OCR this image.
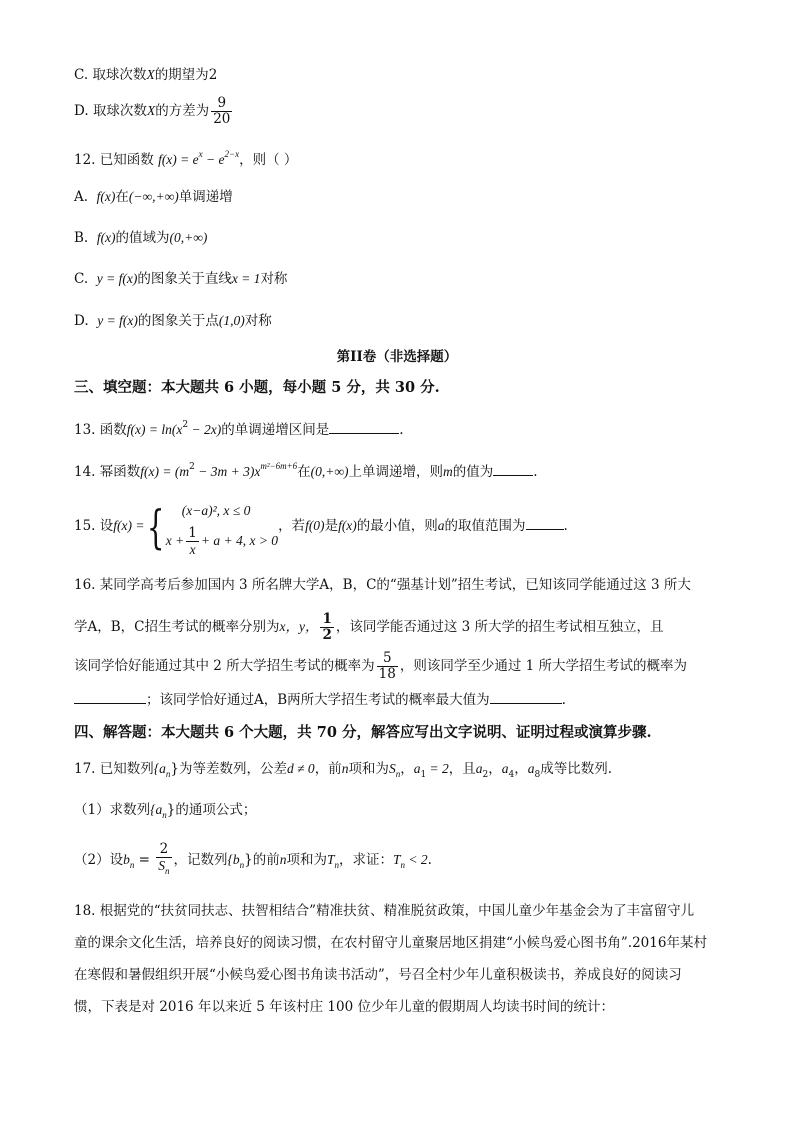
C. 取球次数X的期望为2
D. 取球次数X的方差为 $\frac{9}{20}$
12. 已知函数 $f(x) = e^x - e^{2-x}$，则（ ）
A. f(x)在(−∞,+∞)单调递增
B. f(x)的值域为(0,+∞)
C. y = f(x)的图象关于直线x = 1对称
D. y = f(x)的图象关于点(1,0)对称
第II卷（非选择题）
三、填空题：本大题共 6 小题，每小题 5 分，共 30 分.
13. 函数$f(x) = \ln(x^2 - 2x)$的单调递增区间是	.
14. 幂函数$f(x) = (m^2 - 3m + 3)x^{m^2-6m+6}$在(0,+∞)上单调递增，则m的值为	.
15. 设f(x) ={	(x−a)², x ≤ 0
$x + \frac{1}{x} + a + 4$, x > 0
，若f(0)是f(x)的最小值，则a的取值范围为	.
16. 某同学高考后参加国内 3 所名牌大学A，B，C的“强基计划”招生考试，已知该同学能通过这 3 所大
学A，B，C招生考试的概率分别为x，y， $\frac{1}{2}$ ，该同学能否通过这 3 所大学的招生考试相互独立，且
该同学恰好能通过其中 2 所大学招生考试的概率为 $\frac{5}{18}$ ，则该同学至少通过 1 所大学招生考试的概率为
；该同学恰好通过A，B两所大学招生考试的概率最大值为	.
四、解答题：本大题共 6 个大题，共 70 分，解答应写出文字说明、证明过程或演算步骤.
17. 已知数列$\{a_n\}$为等差数列，公差d ≠ 0，前n项和为$S_n$，$a_1 = 2$，且$a_2$，$a_4$，$a_8$成等比数列.
（1）求数列$\{a_n\}$的通项公式；
（2）设$b_n = \frac{2}{S_n}$ ，记数列$\{b_n\}$的前n项和为$T_n$，求证：$T_n < 2$.
18. 根据党的“扶贫同扶志、扶智相结合”精准扶贫、精准脱贫政策，中国儿童少年基金会为了丰富留守儿
童的课余文化生活，培养良好的阅读习惯，在农村留守儿童聚居地区捐建“小候鸟爱心图书角”.2016年某村
在寒假和暑假组织开展“小候鸟爱心图书角读书活动”，号召全村少年儿童积极读书，养成良好的阅读习
惯，下表是对 2016 年以来近 5 年该村庄 100 位少年儿童的假期周人均读书时间的统计：
